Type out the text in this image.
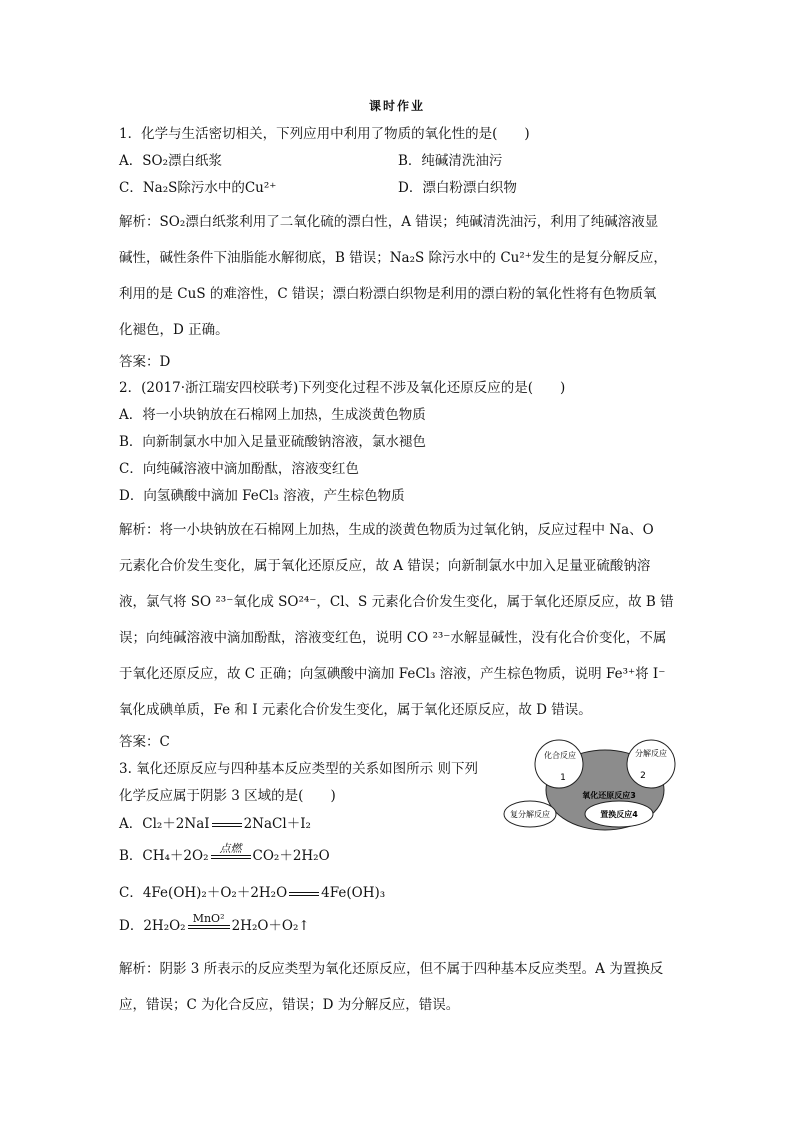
课时作业
1．化学与生活密切相关，下列应用中利用了物质的氧化性的是(　　)
A．SO₂漂白纸浆	B．纯碱清洗油污
C．Na₂S除污水中的Cu²⁺	D．漂白粉漂白织物
解析：SO₂漂白纸浆利用了二氧化硫的漂白性，A 错误；纯碱清洗油污，利用了纯碱溶液显
碱性，碱性条件下油脂能水解彻底，B 错误；Na₂S 除污水中的 Cu²⁺发生的是复分解反应，
利用的是 CuS 的难溶性，C 错误；漂白粉漂白织物是利用的漂白粉的氧化性将有色物质氧
化褪色，D 正确。
答案：D
2．(2017·浙江瑞安四校联考)下列变化过程不涉及氧化还原反应的是(　　)
A．将一小块钠放在石棉网上加热，生成淡黄色物质
B．向新制氯水中加入足量亚硫酸钠溶液，氯水褪色
C．向纯碱溶液中滴加酚酞，溶液变红色
D．向氢碘酸中滴加 FeCl₃ 溶液，产生棕色物质
解析：将一小块钠放在石棉网上加热，生成的淡黄色物质为过氧化钠，反应过程中 Na、O
元素化合价发生变化，属于氧化还原反应，故 A 错误；向新制氯水中加入足量亚硫酸钠溶
液，氯气将 SO ²³⁻氧化成 SO²⁴⁻，Cl、S 元素化合价发生变化，属于氧化还原反应，故 B 错
误；向纯碱溶液中滴加酚酞，溶液变红色，说明 CO ²³⁻水解显碱性，没有化合价变化，不属
于氧化还原反应，故 C 正确；向氢碘酸中滴加 FeCl₃ 溶液，产生棕色物质，说明 Fe³⁺将 I⁻
氧化成碘单质，Fe 和 I 元素化合价发生变化，属于氧化还原反应，故 D 错误。
答案：C
3. 氧化还原反应与四种基本反应类型的关系如图所示 则下列
化学反应属于阴影 3 区域的是(　　)
A．Cl₂＋2NaI	2NaCl＋I₂
B．CH₄＋2O₂	点燃 CO₂＋2H₂O
C．4Fe(OH)₂＋O₂＋2H₂O	4Fe(OH)₃
D．2H₂O₂ MnO² 2H₂O＋O₂↑
解析：阴影 3 所表示的反应类型为氧化还原反应，但不属于四种基本反应类型。A 为置换反
应，错误；C 为化合反应，错误；D 为分解反应，错误。
化合反应	分解反应
1	2
氧化还原反应3
复分解反应	置换反应4
